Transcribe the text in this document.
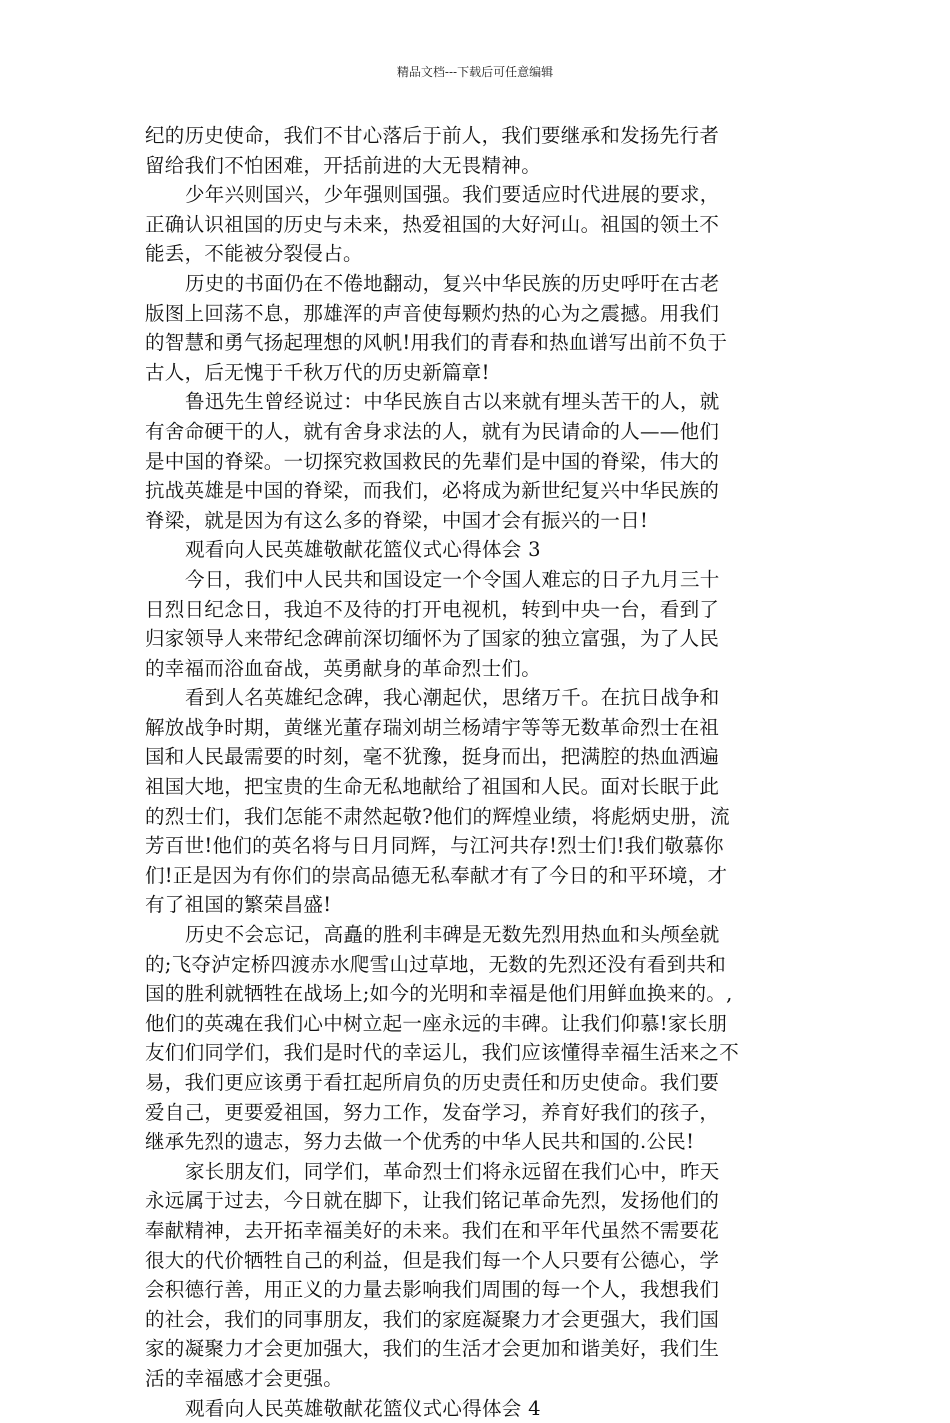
精品文档---下载后可任意编辑
纪的历史使命，我们不甘心落后于前人，我们要继承和发扬先行者
留给我们不怕困难，开括前进的大无畏精神。
少年兴则国兴，少年强则国强。我们要适应时代进展的要求，
正确认识祖国的历史与未来，热爱祖国的大好河山。祖国的领土不
能丢，不能被分裂侵占。
历史的书面仍在不倦地翻动，复兴中华民族的历史呼吁在古老
版图上回荡不息，那雄浑的声音使每颗灼热的心为之震撼。用我们
的智慧和勇气扬起理想的风帆!用我们的青春和热血谱写出前不负于
古人，后无愧于千秋万代的历史新篇章!
鲁迅先生曾经说过：中华民族自古以来就有埋头苦干的人，就
有舍命硬干的人，就有舍身求法的人，就有为民请命的人——他们
是中国的脊梁。一切探究救国救民的先辈们是中国的脊梁，伟大的
抗战英雄是中国的脊梁，而我们，必将成为新世纪复兴中华民族的
脊梁，就是因为有这么多的脊梁，中国才会有振兴的一日!
观看向人民英雄敬献花篮仪式心得体会 3
今日，我们中人民共和国设定一个令国人难忘的日子九月三十
日烈日纪念日，我迫不及待的打开电视机，转到中央一台，看到了
归家领导人来带纪念碑前深切缅怀为了国家的独立富强，为了人民
的幸福而浴血奋战，英勇献身的革命烈士们。
看到人名英雄纪念碑，我心潮起伏，思绪万千。在抗日战争和
解放战争时期，黄继光董存瑞刘胡兰杨靖宇等等无数革命烈士在祖
国和人民最需要的时刻，毫不犹豫，挺身而出，把满腔的热血洒遍
祖国大地，把宝贵的生命无私地献给了祖国和人民。面对长眠于此
的烈士们，我们怎能不肃然起敬?他们的辉煌业绩，将彪炳史册，流
芳百世!他们的英名将与日月同辉，与江河共存!烈士们!我们敬慕你
们!正是因为有你们的崇高品德无私奉献才有了今日的和平环境，才
有了祖国的繁荣昌盛!
历史不会忘记，高矗的胜利丰碑是无数先烈用热血和头颅垒就
的;飞夺泸定桥四渡赤水爬雪山过草地，无数的先烈还没有看到共和
国的胜利就牺牲在战场上;如今的光明和幸福是他们用鲜血换来的。,
他们的英魂在我们心中树立起一座永远的丰碑。让我们仰慕!家长朋
友们们同学们，我们是时代的幸运儿，我们应该懂得幸福生活来之不
易，我们更应该勇于看扛起所肩负的历史责任和历史使命。我们要
爱自己，更要爱祖国，努力工作，发奋学习，养育好我们的孩子，
继承先烈的遗志，努力去做一个优秀的中华人民共和国的.公民!
家长朋友们，同学们，革命烈士们将永远留在我们心中，昨天
永远属于过去，今日就在脚下，让我们铭记革命先烈，发扬他们的
奉献精神，去开拓幸福美好的未来。我们在和平年代虽然不需要花
很大的代价牺牲自己的利益，但是我们每一个人只要有公德心，学
会积德行善，用正义的力量去影响我们周围的每一个人，我想我们
的社会，我们的同事朋友，我们的家庭凝聚力才会更强大，我们国
家的凝聚力才会更加强大，我们的生活才会更加和谐美好，我们生
活的幸福感才会更强。
观看向人民英雄敬献花篮仪式心得体会 4
